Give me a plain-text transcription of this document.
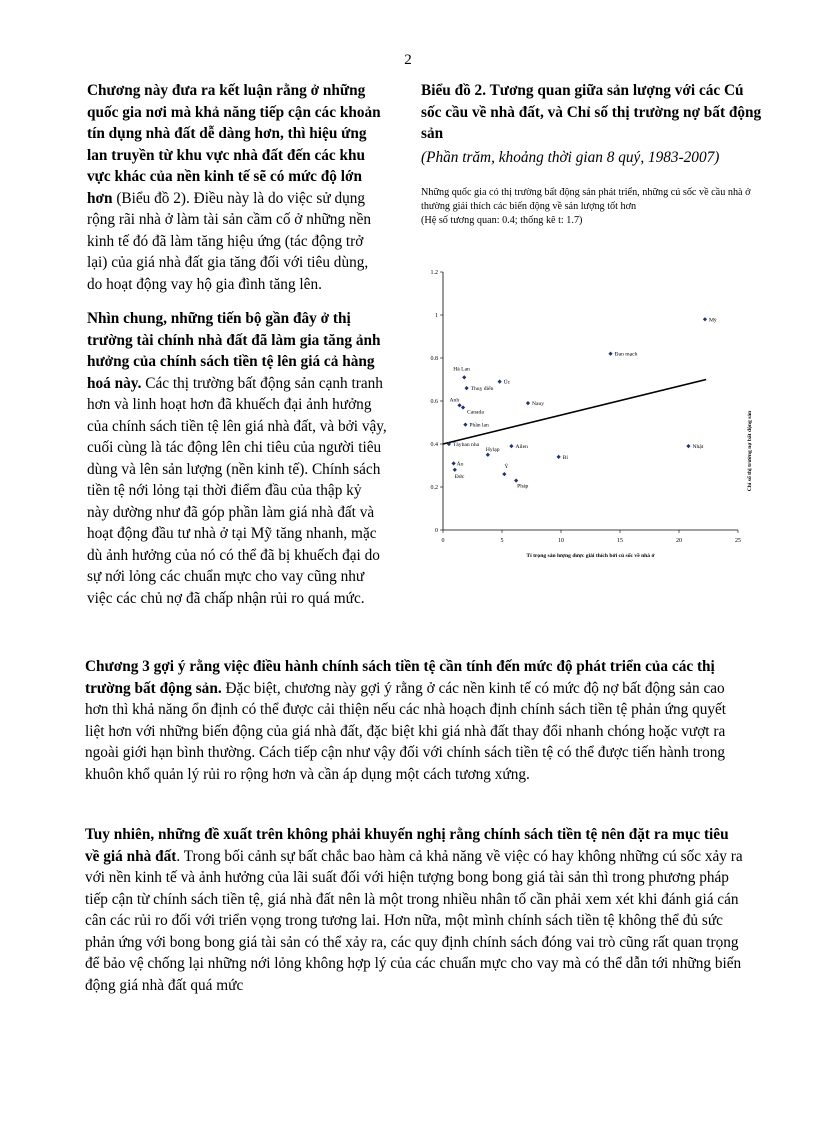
2

Chương này đưa ra kết luận rằng ở những quốc gia nơi mà khả năng tiếp cận các khoản tín dụng nhà đất dễ dàng hơn, thì hiệu ứng lan truyền từ khu vực nhà đất đến các khu vực khác của nền kinh tế sẽ có mức độ lớn hơn (Biểu đồ 2). Điều này là do việc sử dụng rộng rãi nhà ở làm tài sản cầm cố ở những nền kinh tế đó đã làm tăng hiệu ứng (tác động trở lại) của giá nhà đất gia tăng đối với tiêu dùng, do hoạt động vay hộ gia đình tăng lên.

Nhìn chung, những tiến bộ gần đây ở thị trường tài chính nhà đất đã làm gia tăng ảnh hưởng của chính sách tiền tệ lên giá cả hàng hoá này. Các thị trường bất động sản cạnh tranh hơn và linh hoạt hơn đã khuếch đại ảnh hưởng của chính sách tiền tệ lên giá nhà đất, và bởi vậy, cuối cùng là tác động lên chi tiêu của người tiêu dùng và lên sản lượng (nền kinh tế). Chính sách tiền tệ nới lỏng tại thời điểm đầu của thập kỷ này dường như đã góp phần làm giá nhà đất và hoạt động đầu tư nhà ở tại Mỹ tăng nhanh, mặc dù ảnh hưởng của nó có thể đã bị khuếch đại do sự nới lỏng các chuẩn mực cho vay cũng như việc các chủ nợ đã chấp nhận rủi ro quá mức.

Biểu đồ 2. Tương quan giữa sản lượng với các Cú sốc cầu về nhà đất, và Chỉ số thị trường nợ bất động sản

(Phần trăm, khoảng thời gian 8 quý, 1983-2007)

Những quốc gia có thị trường bất động sản phát triển, những cú sốc về cầu nhà ở thường giải thích các biến động về sản lượng tốt hơn
(Hệ số tương quan: 0.4; thống kê t: 1.7)

0
0.2
0.4
0.6
0.8
1
1.2
0	5	10	15	20	25
Mỹ
Đan mạch
Hà Lan
Úc
Thuỵ điển
Anh
Canada
Nauy
Phần lan
Táyban nha	Ailen	Nhật
Bỉ
Hylạp
Áo	Ý
Đức
Pháp
Tỉ trọng sản lượng được giải thích bởi cú sốc về nhà ở
Chỉ số thị trường nợ bất động sản
Chương 3 gợi ý rằng việc điều hành chính sách tiền tệ cần tính đến mức độ phát triển của các thị trường bất động sản. Đặc biệt, chương này gợi ý rằng ở các nền kinh tế có mức độ nợ bất động sản cao hơn thì khả năng ổn định có thể được cải thiện nếu các nhà hoạch định chính sách tiền tệ phản ứng quyết liệt hơn với những biến động của giá nhà đất, đặc biệt khi giá nhà đất thay đổi nhanh chóng hoặc vượt ra ngoài giới hạn bình thường. Cách tiếp cận như vậy đối với chính sách tiền tệ có thể được tiến hành trong khuôn khổ quản lý rủi ro rộng hơn và cần áp dụng một cách tương xứng.
Tuy nhiên, những đề xuất trên không phải khuyến nghị rằng chính sách tiền tệ nên đặt ra mục tiêu về giá nhà đất. Trong bối cảnh sự bất chắc bao hàm cả khả năng về việc có hay không những cú sốc xảy ra với nền kinh tế và ảnh hưởng của lãi suất đối với hiện tượng bong bong giá tài sản thì trong phương pháp tiếp cận từ chính sách tiền tệ, giá nhà đất nên là một trong nhiều nhân tố cần phải xem xét khi đánh giá cán cân các rủi ro đối với triển vọng trong tương lai. Hơn nữa, một mình chính sách tiền tệ không thể đủ sức phản ứng với bong bong giá tài sản có thể xảy ra, các quy định chính sách đóng vai trò cũng rất quan trọng để bảo vệ chống lại những nới lỏng không hợp lý của các chuẩn mực cho vay mà có thể dẫn tới những biến động giá nhà đất quá mức
